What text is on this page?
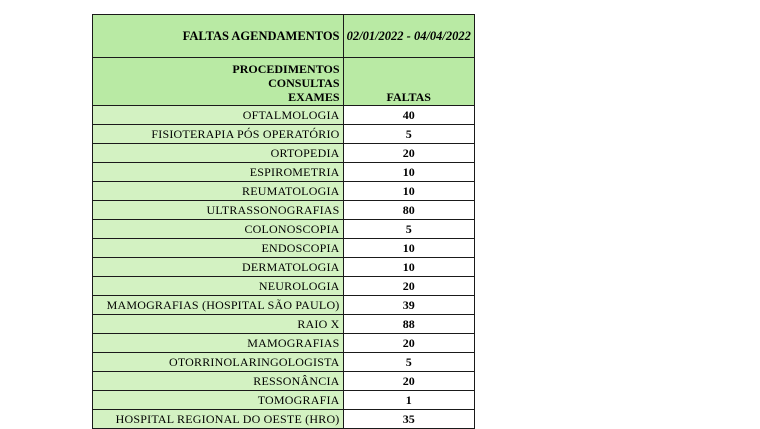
FALTAS AGENDAMENTOS	02/01/2022 - 04/04/2022

PROCEDIMENTOS
CONSULTAS
EXAMES	FALTAS
OFTALMOLOGIA	40
FISIOTERAPIA PÓS OPERATÓRIO	5
ORTOPEDIA	20
ESPIROMETRIA	10
REUMATOLOGIA	10
ULTRASSONOGRAFIAS	80
COLONOSCOPIA	5
ENDOSCOPIA	10
DERMATOLOGIA	10
NEUROLOGIA	20
MAMOGRAFIAS (HOSPITAL SÃO PAULO)	39
RAIO X	88
MAMOGRAFIAS	20
OTORRINOLARINGOLOGISTA	5
RESSONÂNCIA	20
TOMOGRAFIA	1
HOSPITAL REGIONAL DO OESTE (HRO)	35
